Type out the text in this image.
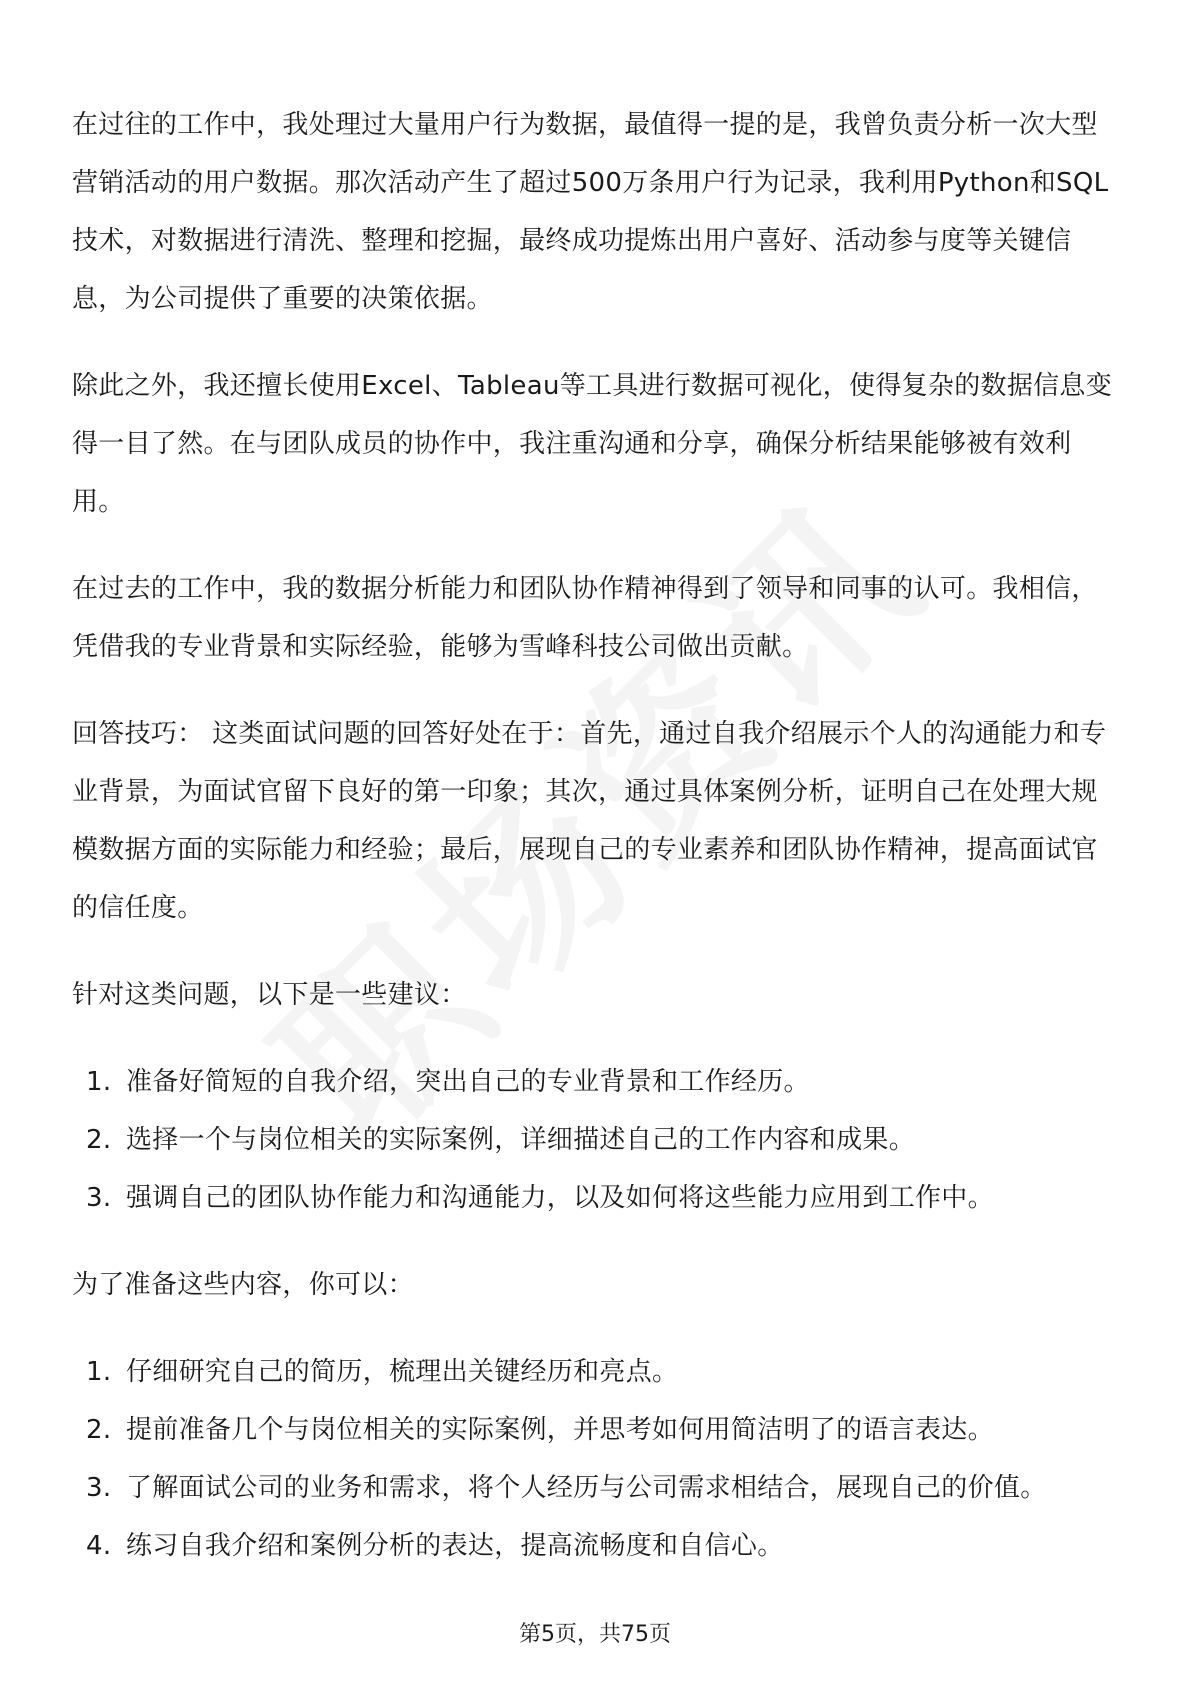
在过往的工作中，我处理过大量用户行为数据，最值得一提的是，我曾负责分析一次大型营销活动的用户数据。那次活动产生了超过500万条用户行为记录，我利用Python和SQL技术，对数据进行清洗、整理和挖掘，最终成功提炼出用户喜好、活动参与度等关键信息，为公司提供了重要的决策依据。

除此之外，我还擅长使用Excel、Tableau等工具进行数据可视化，使得复杂的数据信息变得一目了然。在与团队成员的协作中，我注重沟通和分享，确保分析结果能够被有效利用。

在过去的工作中，我的数据分析能力和团队协作精神得到了领导和同事的认可。我相信，凭借我的专业背景和实际经验，能够为雪峰科技公司做出贡献。

回答技巧： 这类面试问题的回答好处在于：首先，通过自我介绍展示个人的沟通能力和专业背景，为面试官留下良好的第一印象；其次，通过具体案例分析，证明自己在处理大规模数据方面的实际能力和经验；最后，展现自己的专业素养和团队协作精神，提高面试官的信任度。

针对这类问题，以下是一些建议：

1. 准备好简短的自我介绍，突出自己的专业背景和工作经历。
2. 选择一个与岗位相关的实际案例，详细描述自己的工作内容和成果。
3. 强调自己的团队协作能力和沟通能力，以及如何将这些能力应用到工作中。

为了准备这些内容，你可以：

1. 仔细研究自己的简历，梳理出关键经历和亮点。
2. 提前准备几个与岗位相关的实际案例，并思考如何用简洁明了的语言表达。
3. 了解面试公司的业务和需求，将个人经历与公司需求相结合，展现自己的价值。
4. 练习自我介绍和案例分析的表达，提高流畅度和自信心。
第5页，共75页
